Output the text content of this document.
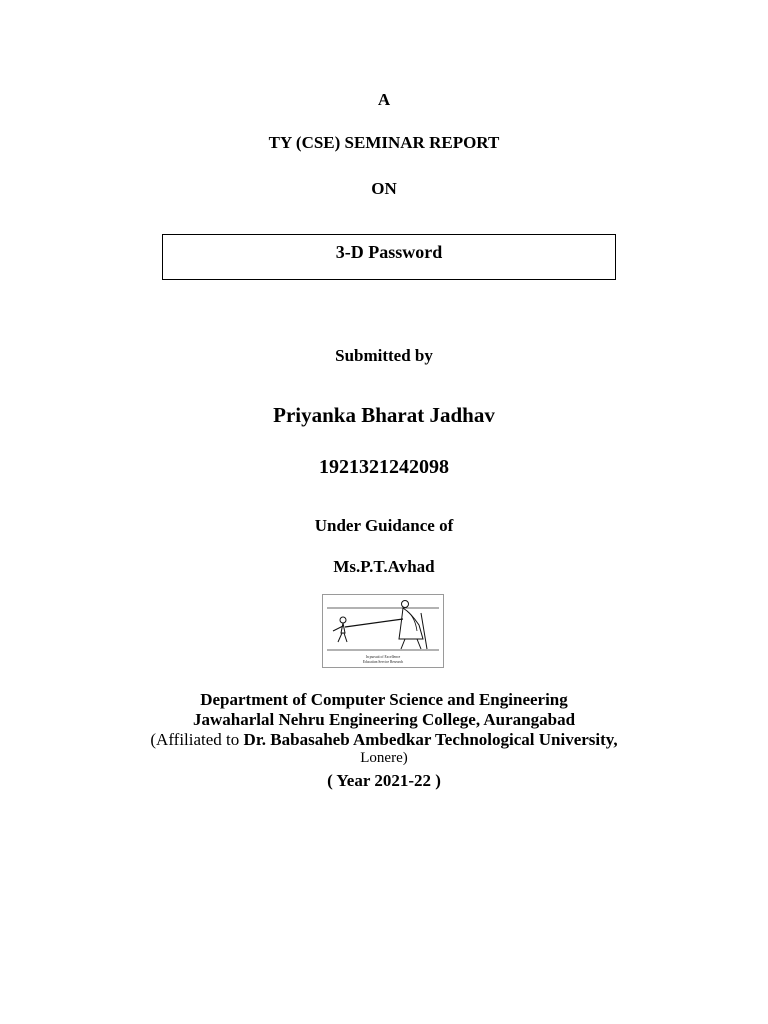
A
TY (CSE) SEMINAR REPORT
ON
3-D Password
Submitted by
Priyanka Bharat Jadhav
1921321242098
Under Guidance of
Ms.P.T.Avhad
In pursuit of Excellence
Education Service Research
Department of Computer Science and Engineering
Jawaharlal Nehru Engineering College, Aurangabad
(Affiliated to Dr. Babasaheb Ambedkar Technological University,
Lonere)
( Year 2021-22 )
